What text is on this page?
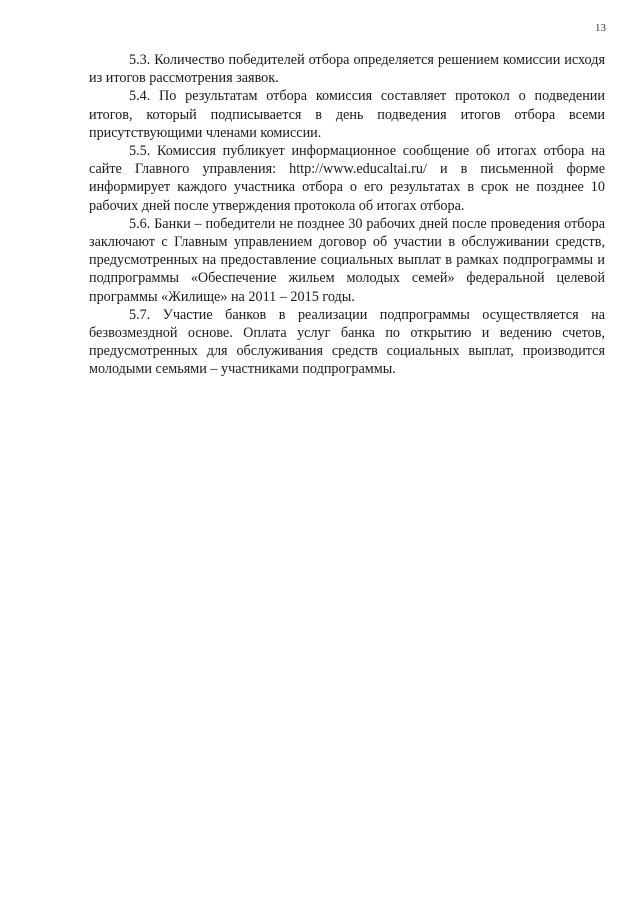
13

5.3. Количество победителей отбора определяется решением комиссии исходя из итогов рассмотрения заявок.

5.4. По результатам отбора комиссия составляет протокол о подведении итогов, который подписывается в день подведения итогов отбора всеми присутствующими членами комиссии.

5.5. Комиссия публикует информационное сообщение об итогах отбора на сайте Главного управления: http://www.educaltai.ru/ и в письменной форме информирует каждого участника отбора о его результатах в срок не позднее 10 рабочих дней после утверждения протокола об итогах отбора.

5.6. Банки – победители не позднее 30 рабочих дней после проведения отбора заключают с Главным управлением договор об участии в обслуживании средств, предусмотренных на предоставление социальных выплат в рамках подпрограммы и подпрограммы «Обеспечение жильем молодых семей» федеральной целевой программы «Жилище» на 2011 – 2015 годы.

5.7. Участие банков в реализации подпрограммы осуществляется на безвозмездной основе. Оплата услуг банка по открытию и ведению счетов, предусмотренных для обслуживания средств социальных выплат, производится молодыми семьями – участниками подпрограммы.
